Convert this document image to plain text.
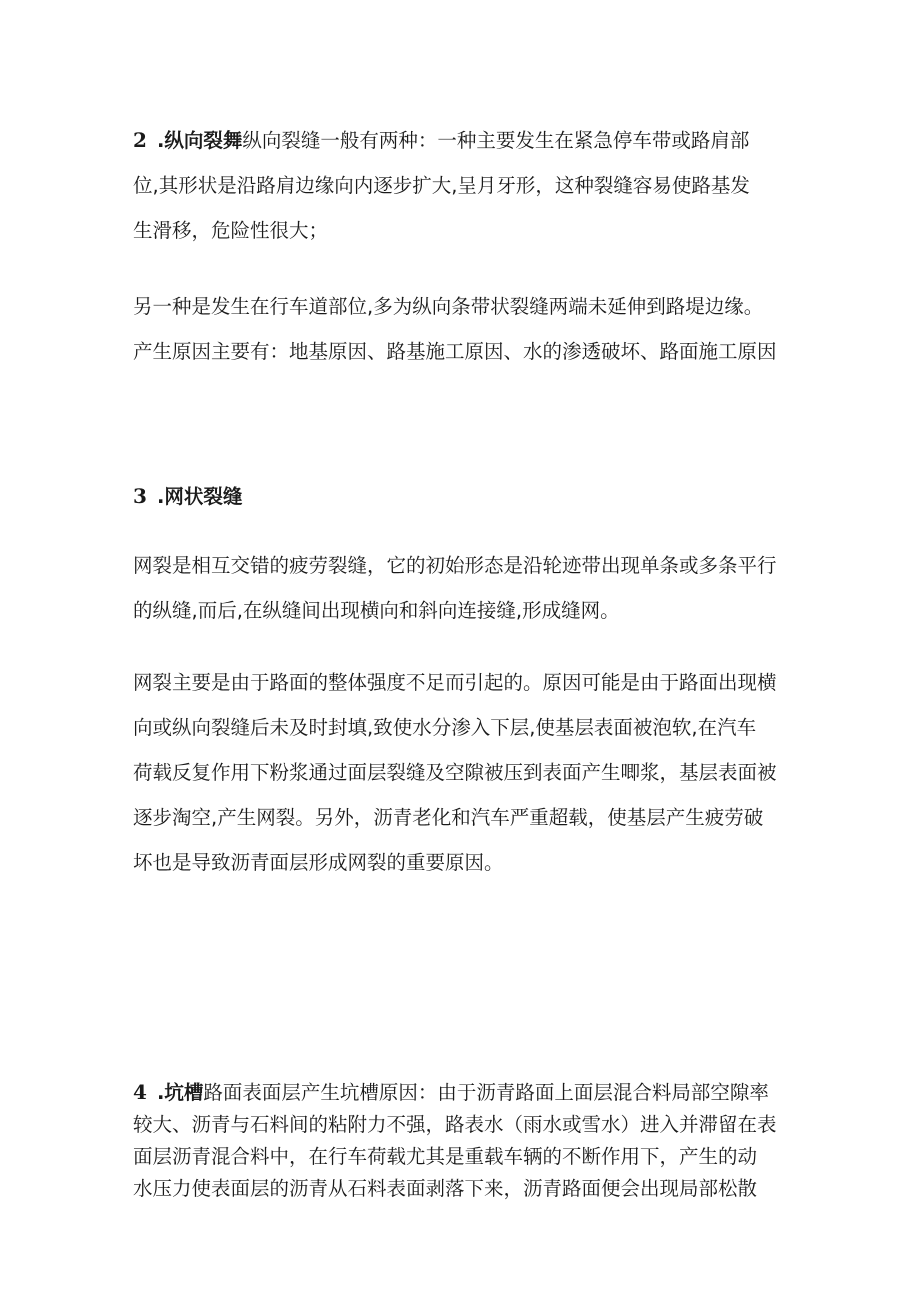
2 .纵向裂舞纵向裂缝一般有两种：一种主要发生在紧急停车带或路肩部
位,其形状是沿路肩边缘向内逐步扩大,呈月牙形，这种裂缝容易使路基发
生滑移，危险性很大；
另一种是发生在行车道部位,多为纵向条带状裂缝两端未延伸到路堤边缘。
产生原因主要有：地基原因、路基施工原因、水的渗透破坏、路面施工原因
3 .网状裂缝
网裂是相互交错的疲劳裂缝，它的初始形态是沿轮迹带出现单条或多条平行
的纵缝,而后,在纵缝间出现横向和斜向连接缝,形成缝网。
网裂主要是由于路面的整体强度不足而引起的。原因可能是由于路面出现横
向或纵向裂缝后未及时封填,致使水分渗入下层,使基层表面被泡软,在汽车
荷载反复作用下粉浆通过面层裂缝及空隙被压到表面产生唧浆，基层表面被
逐步淘空,产生网裂。另外，沥青老化和汽车严重超载，使基层产生疲劳破
坏也是导致沥青面层形成网裂的重要原因。
4 .坑槽路面表面层产生坑槽原因：由于沥青路面上面层混合料局部空隙率
较大、沥青与石料间的粘附力不强，路表水（雨水或雪水）进入并滞留在表
面层沥青混合料中，在行车荷载尤其是重载车辆的不断作用下，产生的动
水压力使表面层的沥青从石料表面剥落下来，沥青路面便会出现局部松散
